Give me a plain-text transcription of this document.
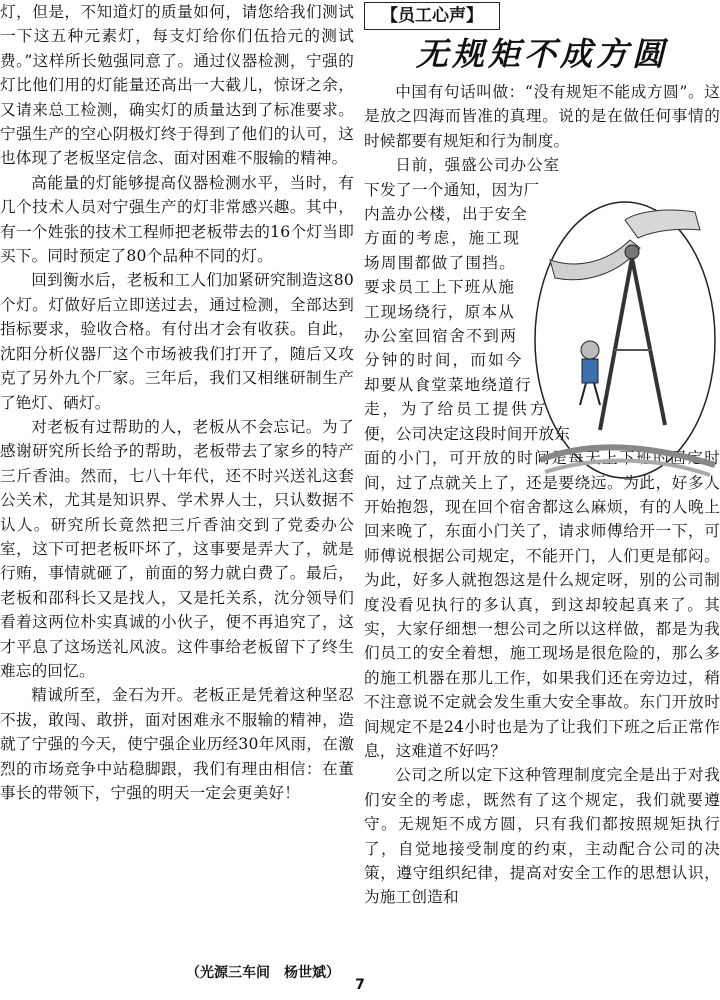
灯，但是，不知道灯的质量如何，请您给我们测试一下这五种元素灯，每支灯给你们伍拾元的测试费。”这样所长勉强同意了。通过仪器检测，宁强的灯比他们用的灯能量还高出一大截儿，惊讶之余，又请来总工检测，确实灯的质量达到了标准要求。宁强生产的空心阴极灯终于得到了他们的认可，这也体现了老板坚定信念、面对困难不服输的精神。

高能量的灯能够提高仪器检测水平，当时，有几个技术人员对宁强生产的灯非常感兴趣。其中，有一个姓张的技术工程师把老板带去的16个灯当即买下。同时预定了80个品种不同的灯。

回到衡水后，老板和工人们加紧研究制造这80个灯。灯做好后立即送过去，通过检测，全部达到指标要求，验收合格。有付出才会有收获。自此，沈阳分析仪器厂这个市场被我们打开了，随后又攻克了另外九个厂家。三年后，我们又相继研制生产了铯灯、硒灯。

对老板有过帮助的人，老板从不会忘记。为了感谢研究所长给予的帮助，老板带去了家乡的特产三斤香油。然而，七八十年代，还不时兴送礼这套公关术，尤其是知识界、学术界人士，只认数据不认人。研究所长竟然把三斤香油交到了党委办公室，这下可把老板吓坏了，这事要是弄大了，就是行贿，事情就砸了，前面的努力就白费了。最后，老板和邵科长又是找人，又是托关系，沈分领导们看着这两位朴实真诚的小伙子，便不再追究了，这才平息了这场送礼风波。这件事给老板留下了终生难忘的回忆。

精诚所至，金石为开。老板正是凭着这种坚忍不拔，敢闯、敢拼，面对困难永不服输的精神，造就了宁强的今天，使宁强企业历经30年风雨，在激烈的市场竞争中站稳脚跟，我们有理由相信：在董事长的带领下，宁强的明天一定会更美好！

（光源三车间　杨世斌）
【员工心声】
无规矩不成方圆

中国有句话叫做：“没有规矩不能成方圆”。这是放之四海而皆准的真理。说的是在做任何事情的时候都要有规矩和行为制度。

日前，强盛公司办公室下发了一个通知，因为厂内盖办公楼，出于安全方面的考虑，施工现场周围都做了围挡。要求员工上下班从施工现场绕行，原本从办公室回宿舍不到两分钟的时间，而如今却要从食堂菜地绕道行走，为了给员工提供方便，公司决定这段时间开放东面的小门，可开放的时间是每天上下班的固定时间，过了点就关上了，还是要绕远。为此，好多人开始抱怨，现在回个宿舍都这么麻烦，有的人晚上回来晚了，东面小门关了，请求师傅给开一下，可师傅说根据公司规定，不能开门，人们更是郁闷。为此，好多人就抱怨这是什么规定呀，别的公司制度没看见执行的多认真，到这却较起真来了。其实，大家仔细想一想公司之所以这样做，都是为我们员工的安全着想，施工现场是很危险的，那么多的施工机器在那儿工作，如果我们还在旁边过，稍不注意说不定就会发生重大安全事故。东门开放时间规定不是24小时也是为了让我们下班之后正常作息，这难道不好吗？

公司之所以定下这种管理制度完全是出于对我们安全的考虑，既然有了这个规定，我们就要遵守。无规矩不成方圆，只有我们都按照规矩执行了，自觉地接受制度的约束，主动配合公司的决策，遵守组织纪律，提高对安全工作的思想认识，为施工创造和

7
